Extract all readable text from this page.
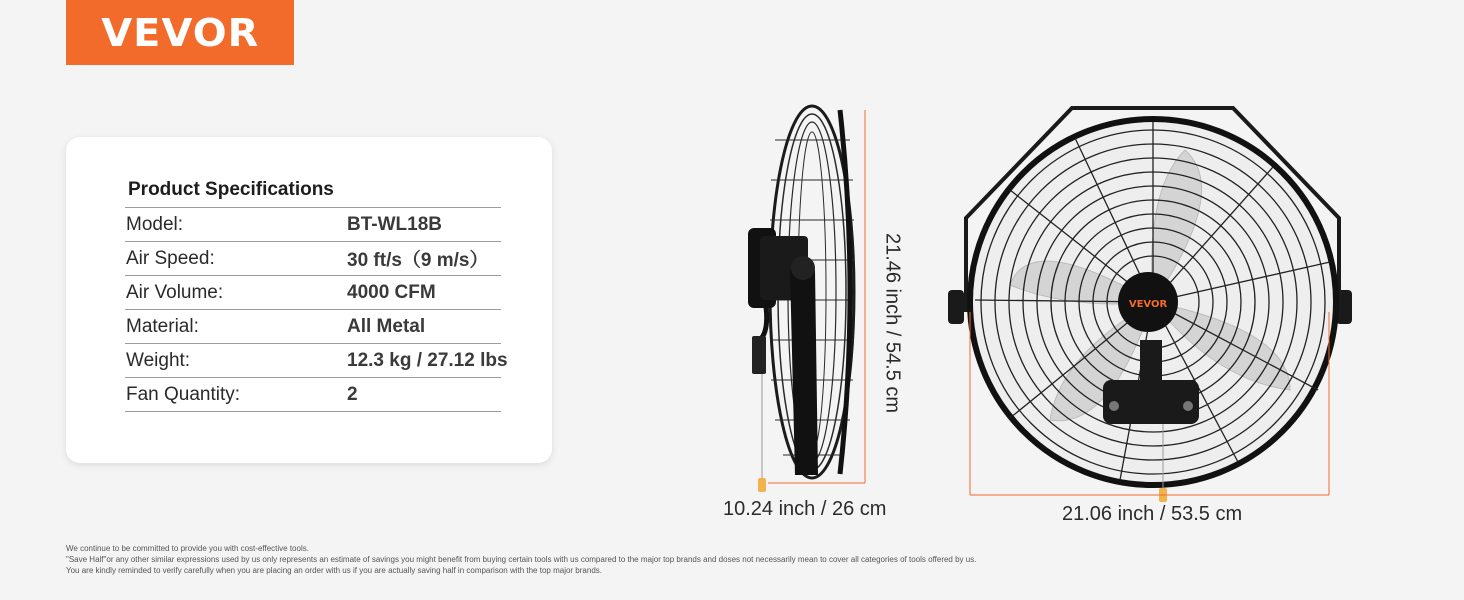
VEVOR
Product Specifications
Model:	BT-WL18B
Air Speed:	30 ft/s（9 m/s）
Air Volume:	4000 CFM
Material:	All Metal
Weight:	12.3 kg / 27.12 lbs
Fan Quantity:	2
VEVOR
21.46 inch / 54.5 cm
10.24 inch / 26 cm	21.06 inch / 53.5 cm
We continue to be committed to provide you with cost-effective tools.
"Save Half"or any other similar expressions used by us only represents an estimate of savings you might benefit from buying certain tools with us compared to the major top brands and doses not necessarily mean to cover all categories of tools offered by us.
You are kindly reminded to verify carefully when you are placing an order with us if you are actually saving half in comparison with the top major brands.
